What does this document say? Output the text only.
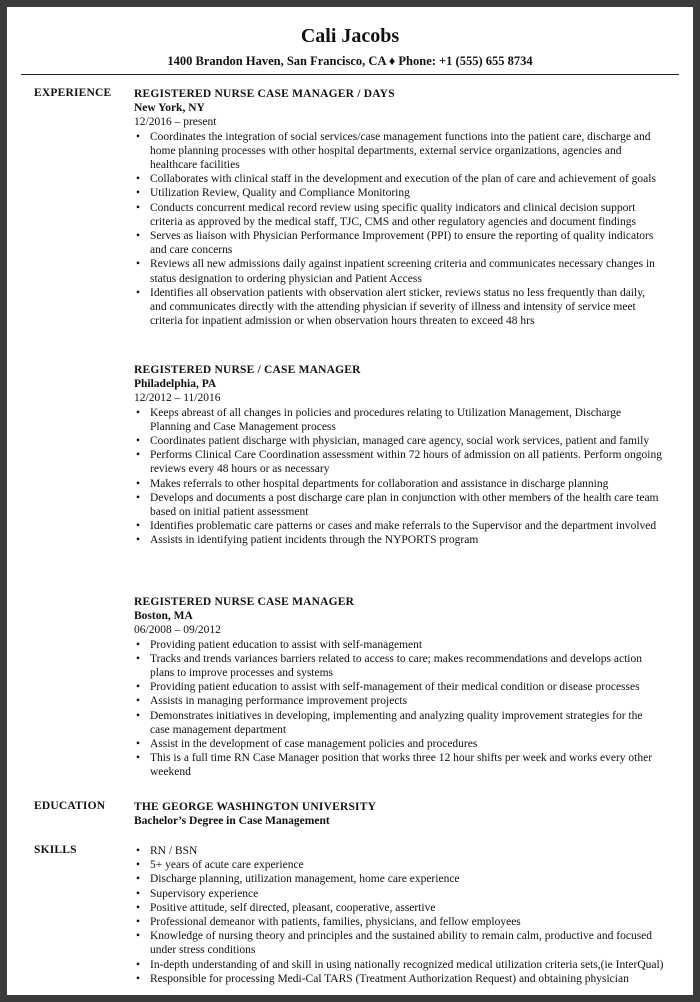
Cali Jacobs
1400 Brandon Haven, San Francisco, CA ♦ Phone: +1 (555) 655 8734
EXPERIENCE REGISTERED NURSE CASE MANAGER / DAYS
New York, NY
12/2016 – present
• Coordinates the integration of social services/case management functions into the patient care, discharge and home planning processes with other hospital departments, external service organizations, agencies and healthcare facilities
• Collaborates with clinical staff in the development and execution of the plan of care and achievement of goals
• Utilization Review, Quality and Compliance Monitoring
• Conducts concurrent medical record review using specific quality indicators and clinical decision support criteria as approved by the medical staff, TJC, CMS and other regulatory agencies and document findings
• Serves as liaison with Physician Performance Improvement (PPI) to ensure the reporting of quality indicators and care concerns
• Reviews all new admissions daily against inpatient screening criteria and communicates necessary changes in status designation to ordering physician and Patient Access
• Identifies all observation patients with observation alert sticker, reviews status no less frequently than daily, and communicates directly with the attending physician if severity of illness and intensity of service meet criteria for inpatient admission or when observation hours threaten to exceed 48 hrs
REGISTERED NURSE / CASE MANAGER
Philadelphia, PA
12/2012 – 11/2016
• Keeps abreast of all changes in policies and procedures relating to Utilization Management, Discharge Planning and Case Management process
• Coordinates patient discharge with physician, managed care agency, social work services, patient and family
• Performs Clinical Care Coordination assessment within 72 hours of admission on all patients. Perform ongoing reviews every 48 hours or as necessary
• Makes referrals to other hospital departments for collaboration and assistance in discharge planning
• Develops and documents a post discharge care plan in conjunction with other members of the health care team based on initial patient assessment
• Identifies problematic care patterns or cases and make referrals to the Supervisor and the department involved
• Assists in identifying patient incidents through the NYPORTS program
REGISTERED NURSE CASE MANAGER
Boston, MA
06/2008 – 09/2012
• Providing patient education to assist with self-management
• Tracks and trends variances barriers related to access to care; makes recommendations and develops action plans to improve processes and systems
• Providing patient education to assist with self-management of their medical condition or disease processes
• Assists in managing performance improvement projects
• Demonstrates initiatives in developing, implementing and analyzing quality improvement strategies for the case management department
• Assist in the development of case management policies and procedures
• This is a full time RN Case Manager position that works three 12 hour shifts per week and works every other weekend
EDUCATION	THE GEORGE WASHINGTON UNIVERSITY
Bachelor’s Degree in Case Management
SKILLS
•	RN / BSN
• 5+ years of acute care experience
• Discharge planning, utilization management, home care experience
• Supervisory experience
• Positive attitude, self directed, pleasant, cooperative, assertive
• Professional demeanor with patients, families, physicians, and fellow employees
• Knowledge of nursing theory and principles and the sustained ability to remain calm, productive and focused under stress conditions
• In-depth understanding of and skill in using nationally recognized medical utilization criteria sets,(ie InterQual)
• Responsible for processing Medi-Cal TARS (Treatment Authorization Request) and obtaining physician
